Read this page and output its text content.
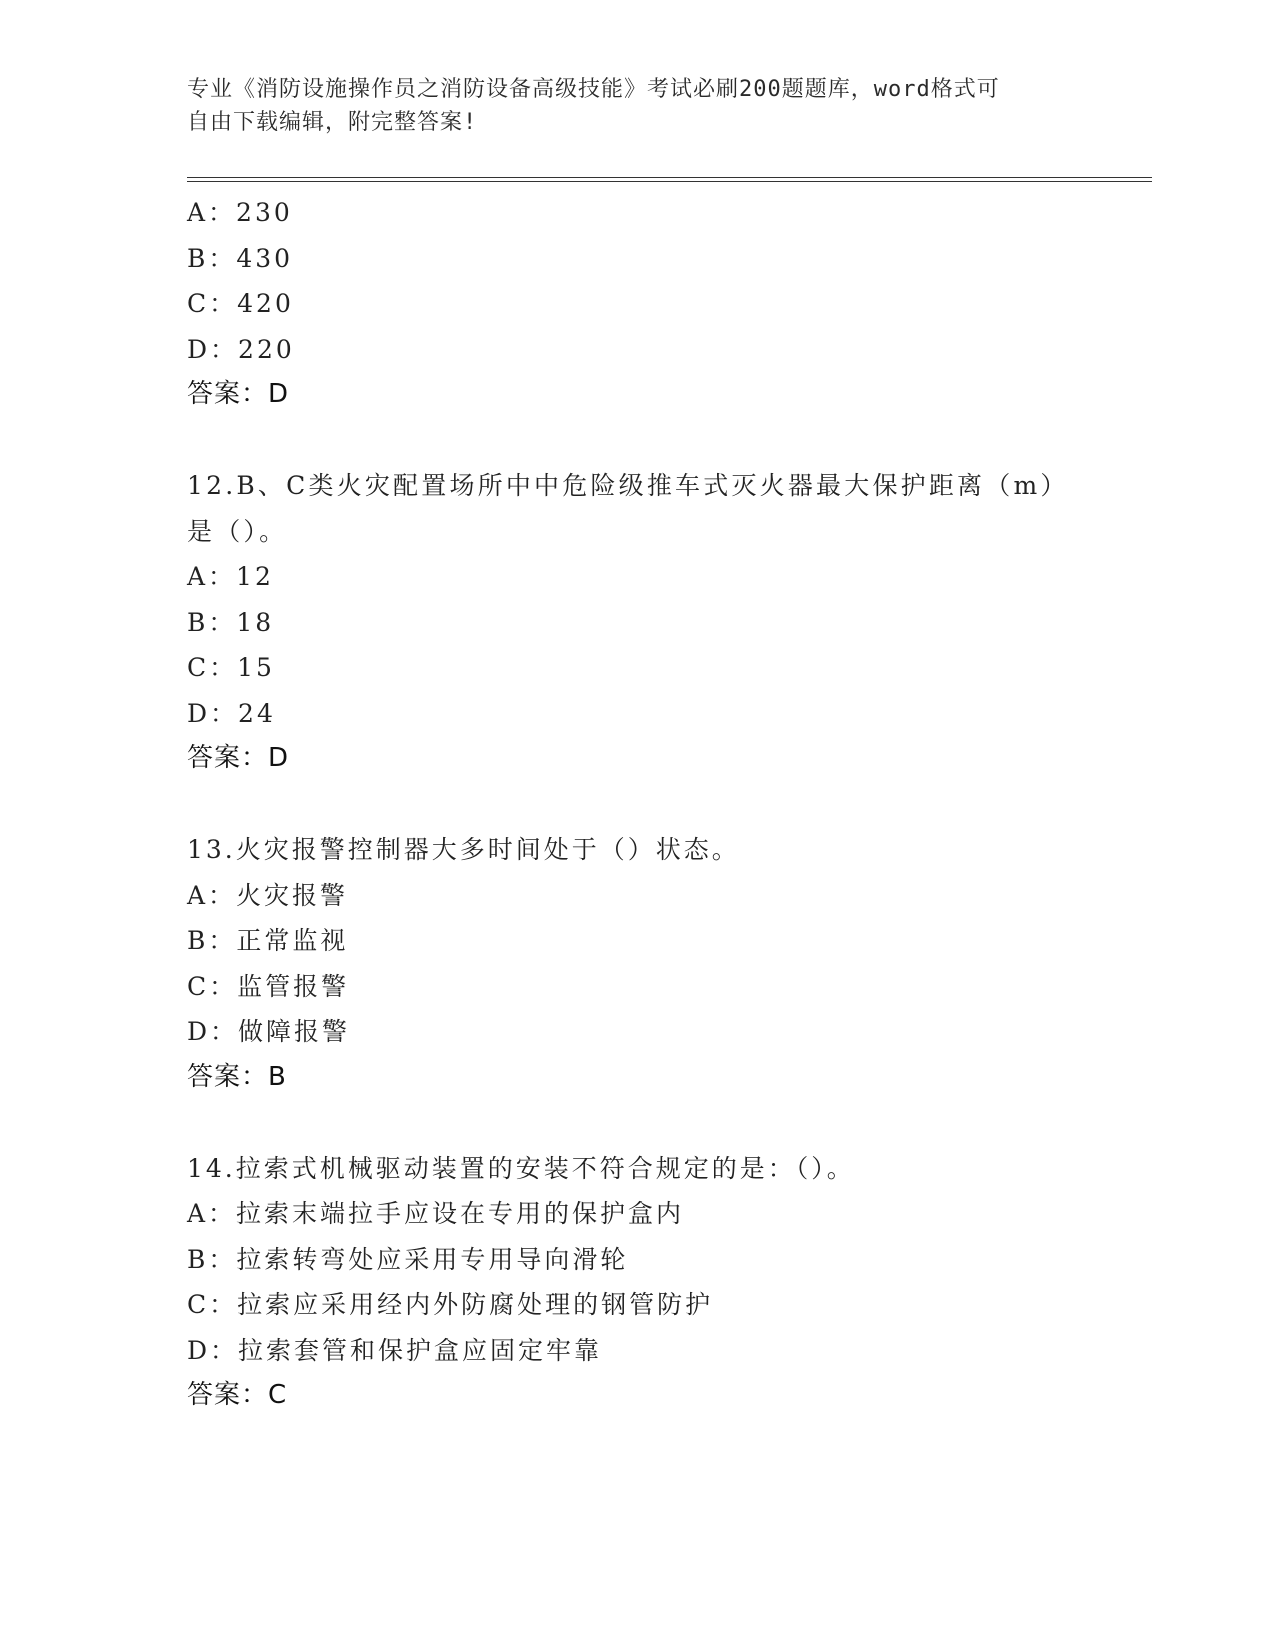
专业《消防设施操作员之消防设备高级技能》考试必刷200题题库，word格式可
自由下载编辑，附完整答案!
A：230
B：430
C：420
D：220
答案：D
12.B、C类火灾配置场所中中危险级推车式灭火器最大保护距离（m）
是（）。
A：12
B：18
C：15
D：24
答案：D
13.火灾报警控制器大多时间处于（）状态。
A：火灾报警
B：正常监视
C：监管报警
D：做障报警
答案：B
14.拉索式机械驱动装置的安装不符合规定的是：（）。
A：拉索末端拉手应设在专用的保护盒内
B：拉索转弯处应采用专用导向滑轮
C：拉索应采用经内外防腐处理的钢管防护
D：拉索套管和保护盒应固定牢靠
答案：C
